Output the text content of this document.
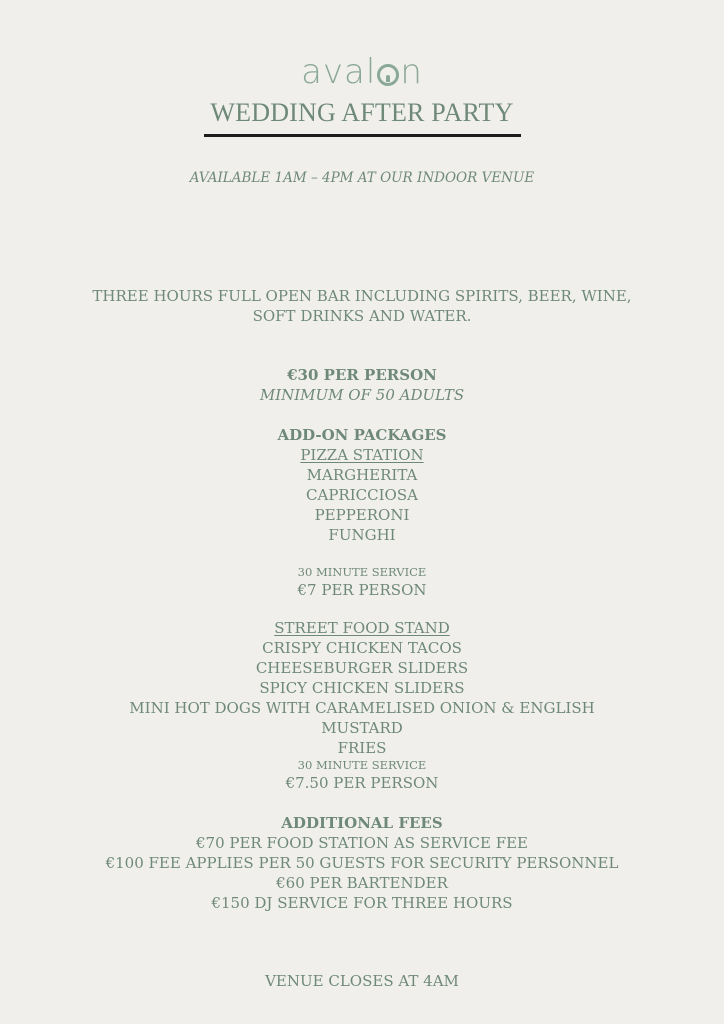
aval n
WEDDING AFTER PARTY
AVAILABLE 1AM – 4PM AT OUR INDOOR VENUE
THREE HOURS FULL OPEN BAR INCLUDING SPIRITS, BEER, WINE,
SOFT DRINKS AND WATER.
€30 PER PERSON
MINIMUM OF 50 ADULTS
ADD-ON PACKAGES
PIZZA STATION
MARGHERITA
CAPRICCIOSA
PEPPERONI
FUNGHI
30 MINUTE SERVICE
€7 PER PERSON
STREET FOOD STAND
CRISPY CHICKEN TACOS
CHEESEBURGER SLIDERS
SPICY CHICKEN SLIDERS
MINI HOT DOGS WITH CARAMELISED ONION & ENGLISH
MUSTARD
FRIES
30 MINUTE SERVICE
€7.50 PER PERSON
ADDITIONAL FEES
€70 PER FOOD STATION AS SERVICE FEE
€100 FEE APPLIES PER 50 GUESTS FOR SECURITY PERSONNEL
€60 PER BARTENDER
€150 DJ SERVICE FOR THREE HOURS
VENUE CLOSES AT 4AM
